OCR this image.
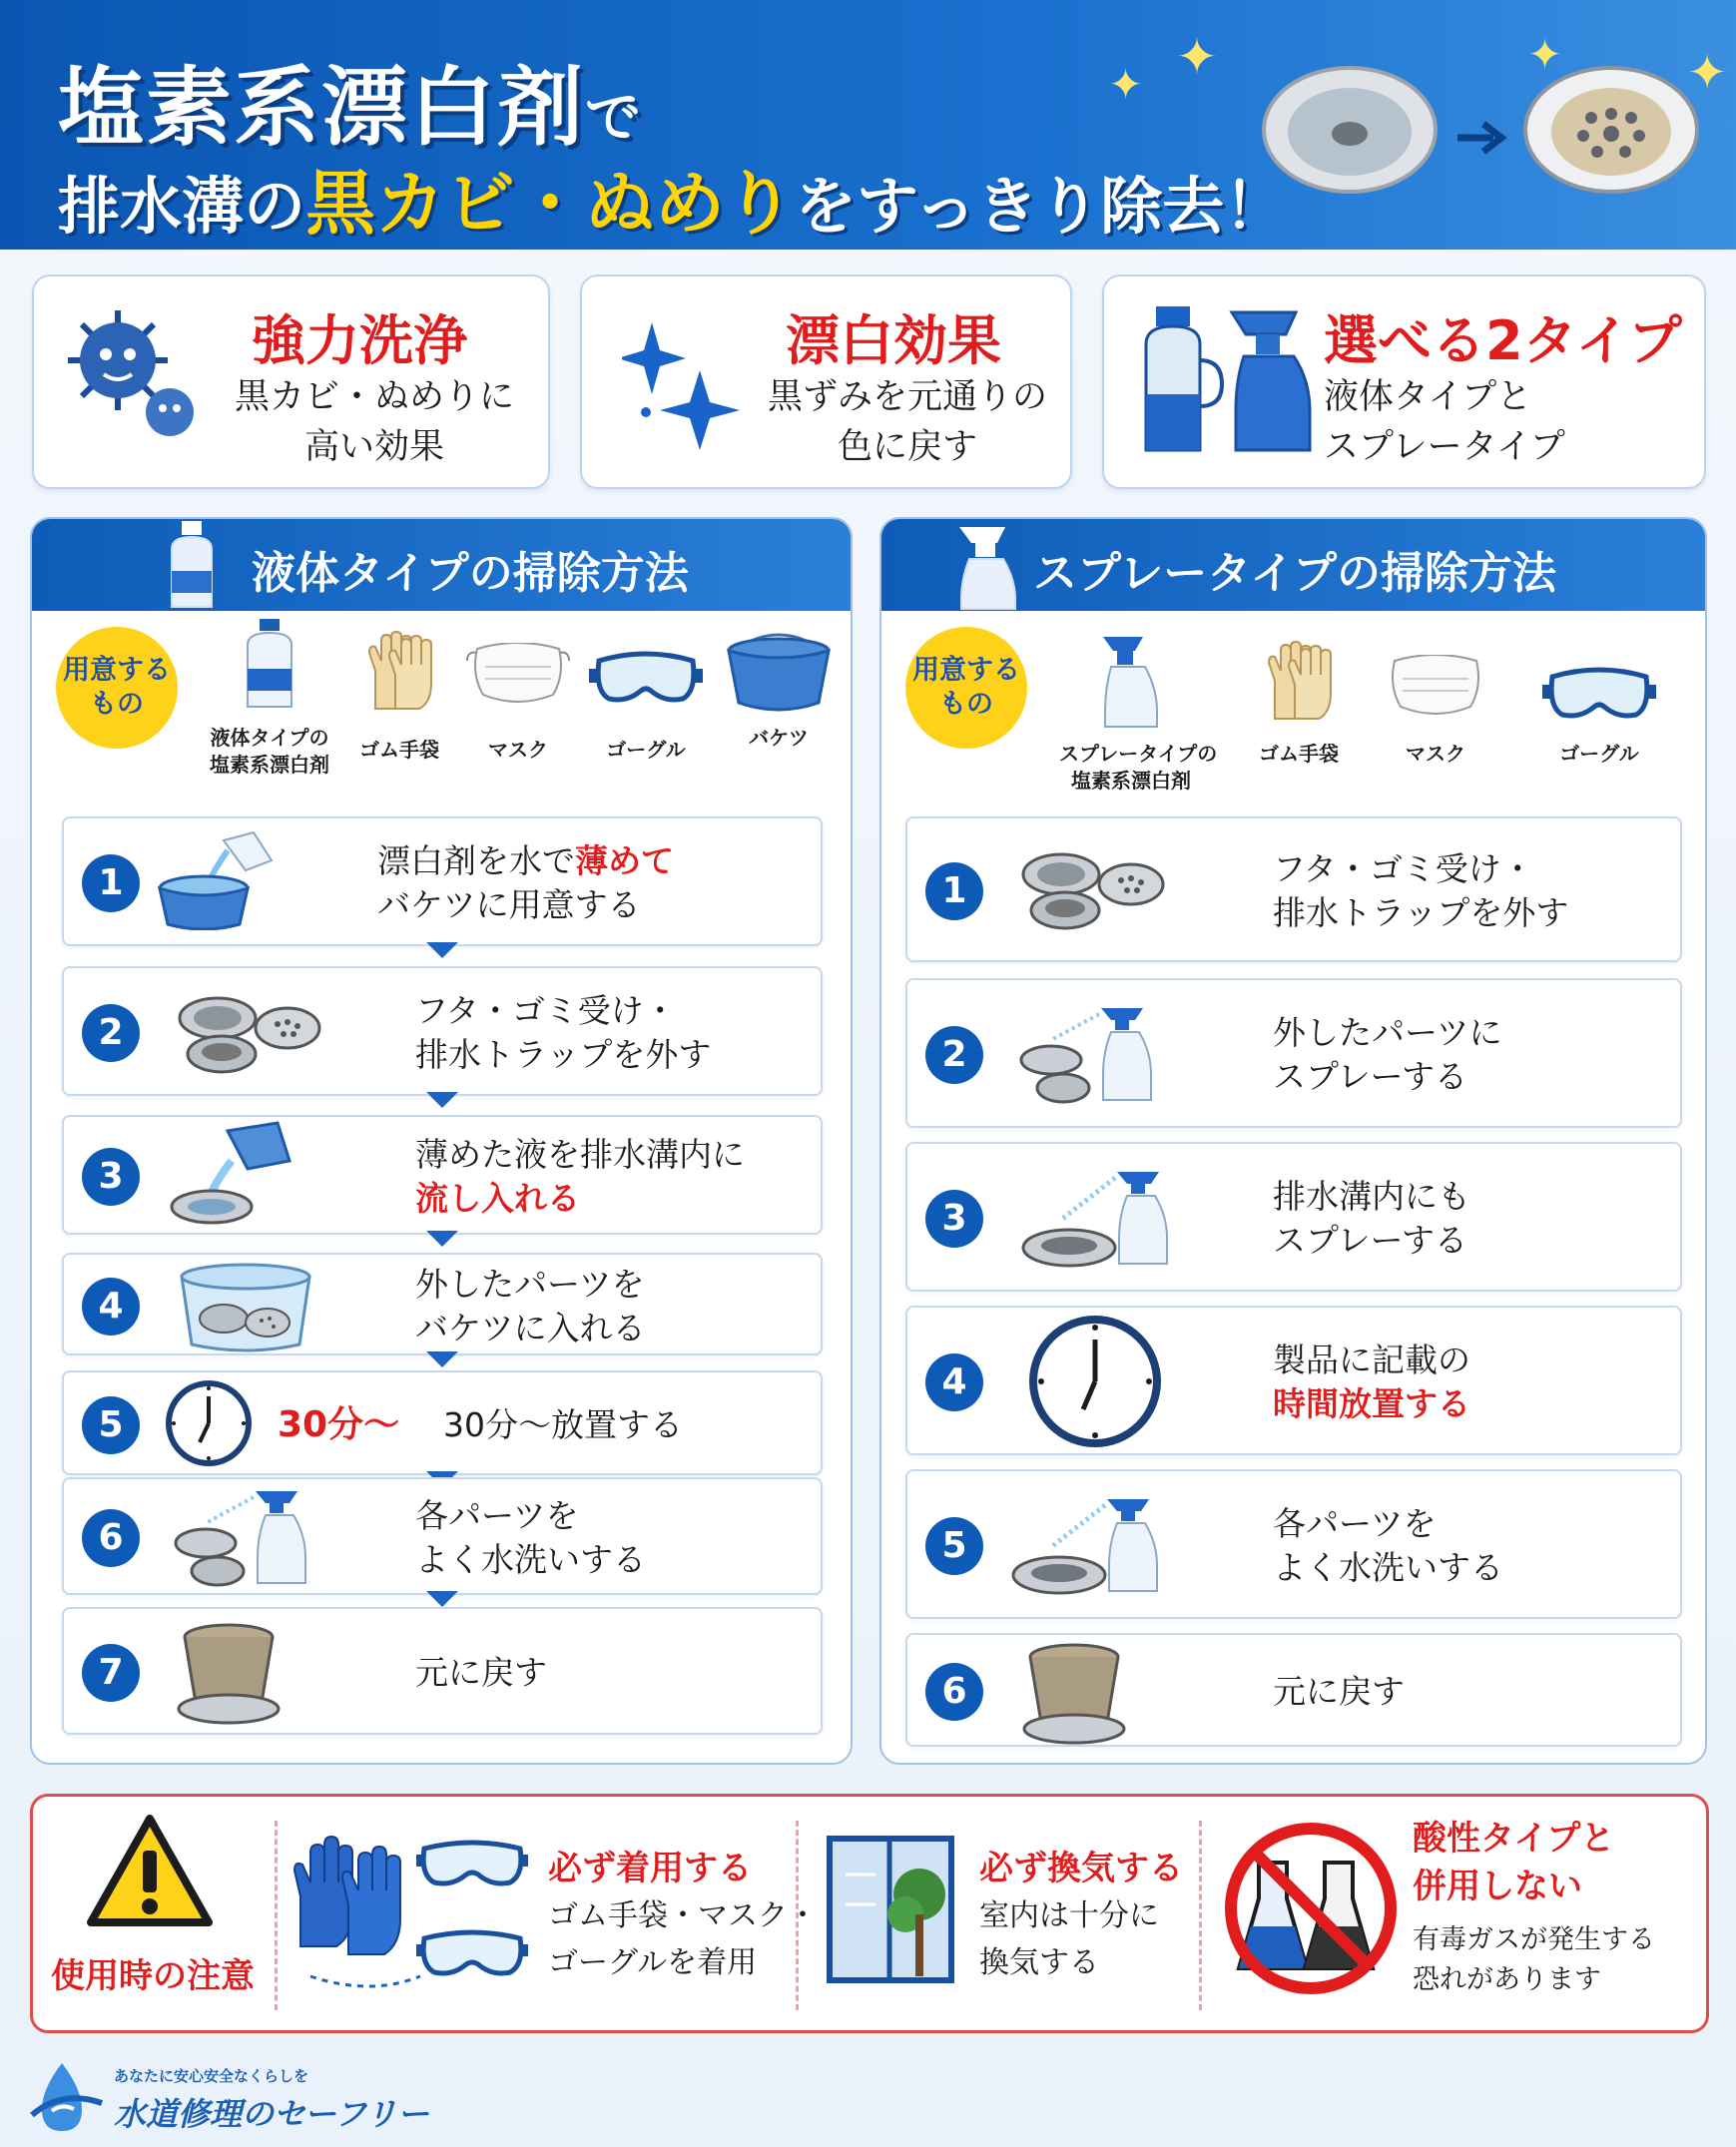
塩素系漂白剤で
排水溝の黒カビ・ぬめりをすっきり除去！
✦ ✦	✦	✦
強力洗浄
黒カビ・ぬめりに
高い効果
漂白効果
黒ずみを元通りの
色に戻す
選べる2タイプ
液体タイプと
スプレータイプ
液体タイプの掃除方法
用意する
もの
液体タイプの
塩素系漂白剤
ゴム手袋	マスク	ゴーグル	バケツ
1
漂白剤を水で薄めて
バケツに用意する
2
フタ・ゴミ受け・
排水トラップを外す
3
薄めた液を排水溝内に
流し入れる
4
外したパーツを
バケツに入れる
5	30分〜 30分〜放置する
6
各パーツを
よく水洗いする
7	元に戻す
スプレータイプの掃除方法
用意する
もの
スプレータイプの
塩素系漂白剤
ゴム手袋	マスク	ゴーグル
1
フタ・ゴミ受け・
排水トラップを外す
2
外したパーツに
スプレーする
3
排水溝内にも
スプレーする
4
製品に記載の
時間放置する
5
各パーツを
よく水洗いする
6	元に戻す
使用時の注意
必ず着用する
ゴム手袋・マスク・
ゴーグルを着用
必ず換気する
室内は十分に
換気する
酸性タイプと
併用しない
有毒ガスが発生する
恐れがあります
あなたに安心安全なくらしを
水道修理のセーフリー
